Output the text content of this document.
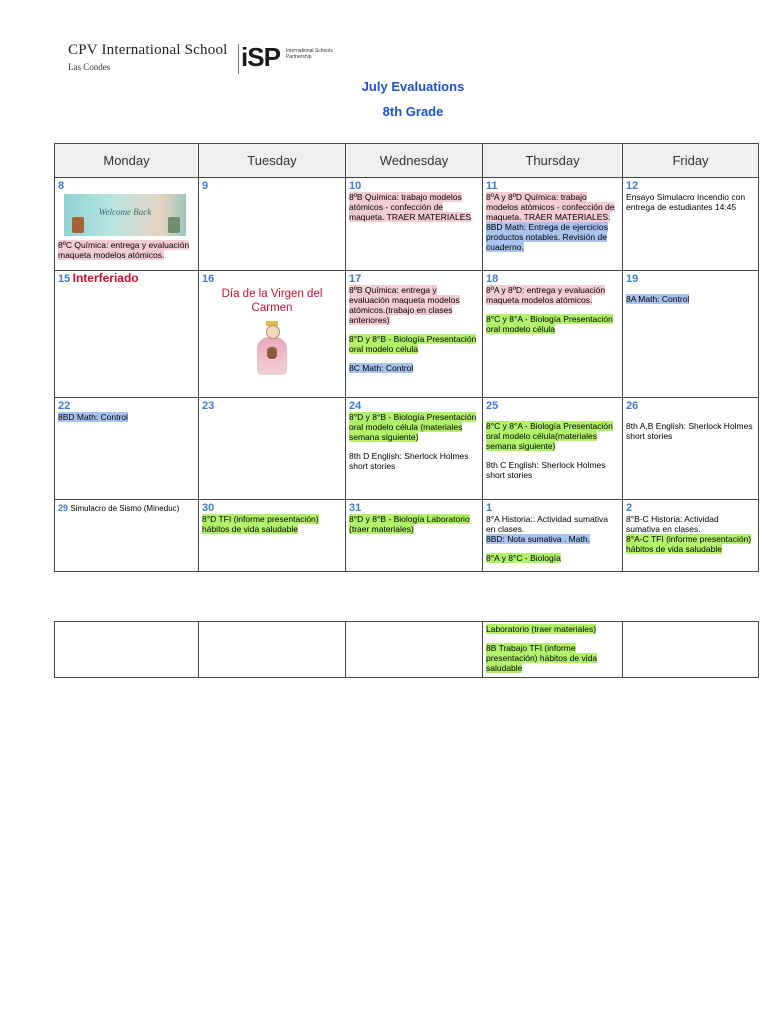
CPV International School
Las Condes	iSP International Schools Partnership
July Evaluations
8th Grade
Monday	Tuesday	Wednesday	Thursday	Friday

8
Welcome Back
8ºC Química: entrega y evaluación maqueta modelos atómicos.	9	10
8ºB Química: trabajo modelos atómicos - confección de maqueta. TRAER MATERIALES	11
8ºA y 8ºD Química: trabajo modelos atómicos - confección de maqueta. TRAER MATERIALES.
8BD Math: Entrega de ejercicios productos notables. Revisión de cuaderno.	12
Ensayo Simulacro Incendio con entrega de estudiantes 14:45
15 Interferiado	16
Día de la Virgen del Carmen	17
8ºB Química: entrega y evaluación maqueta modelos atómicos.(trabajo en clases anteriores)
8°D y 8°B - Biología Presentación oral modelo célula
8C Math: Control	18
8ºA y 8ºD: entrega y evaluación maqueta modelos atómicos.
8°C y 8°A - Biología Presentación oral modelo célula	19
8A Math: Control

22
8BD Math: Control	23	24
8°D y 8°B - Biología Presentación oral modelo célula (materiales semana siguiente)
8th D English: Sherlock Holmes short stories	25
8°C y 8°A - Biología Presentación oral modelo célula(materiales semana siguiente)
8th C English: Sherlock Holmes short stories	26
8th A,B English: Sherlock Holmes short stories
29 Simulacro de Sismo (Mineduc)	30
8°D TFI (informe presentación) hábitos de vida saludable	31
8°D y 8°B - Biología Laboratorio (traer materiales)	1
8°A Historia:: Actividad sumativa en clases.
8BD: Nota sumativa . Math.
8°A y 8°C - Biología	2
8°B-C Historia: Actividad sumativa en clases.
8°A-C TFI (informe presentación) hábitos de vida saludable
			Laboratorio (traer materiales)
8B Trabajo TFI (informe presentación) hábitos de vida saludable	
